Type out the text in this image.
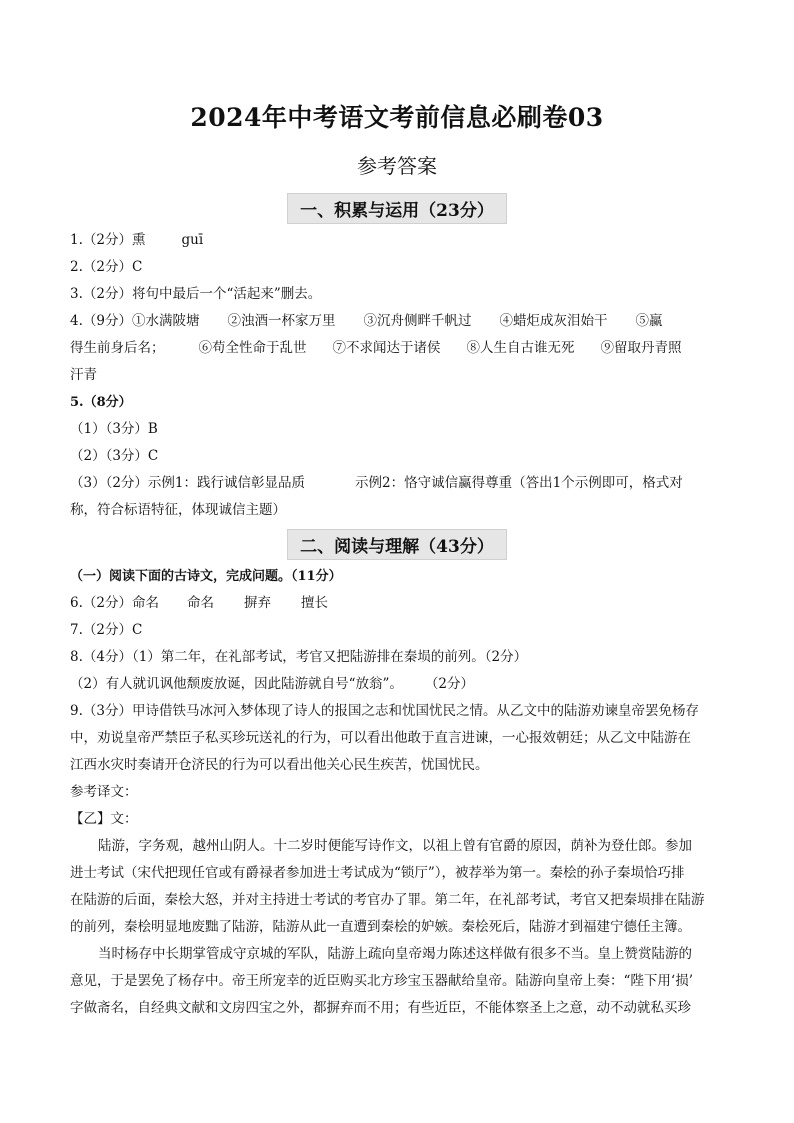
2024年中考语文考前信息必刷卷03
参考答案
一、积累与运用（23分）
1.（2分）熏	guī
2.（2分）C
3.（2分）将句中最后一个“活起来”删去。
4.（9分）①水满陂塘 ②浊酒一杯家万里 ③沉舟侧畔千帆过 ④蜡炬成灰泪始干 ⑤赢
得生前身后名；	⑥苟全性命于乱世 ⑦不求闻达于诸侯 ⑧人生自古谁无死 ⑨留取丹青照
汗青
5.（8分）
（1）（3分）B
（2）（3分）C
（3）（2分）示例1：践行诚信彰显品质	示例2：恪守诚信赢得尊重（答出1个示例即可，格式对
称，符合标语特征，体现诚信主题）
二、阅读与理解（43分）
（一）阅读下面的古诗文，完成问题。（11分）
6.（2分）命名 命名 摒弃 擅长
7.（2分）C
8.（4分）（1）第二年，在礼部考试，考官又把陆游排在秦埙的前列。（2分）
（2）有人就讥讽他颓废放诞，因此陆游就自号“放翁”。 （2分）
9.（3分）甲诗借铁马冰河入梦体现了诗人的报国之志和忧国忧民之情。从乙文中的陆游劝谏皇帝罢免杨存
中，劝说皇帝严禁臣子私买珍玩送礼的行为，可以看出他敢于直言进谏，一心报效朝廷；从乙文中陆游在
江西水灾时奏请开仓济民的行为可以看出他关心民生疾苦，忧国忧民。
参考译文：
【乙】文：
陆游，字务观，越州山阴人。十二岁时便能写诗作文，以祖上曾有官爵的原因，荫补为登仕郎。参加
进士考试（宋代把现任官或有爵禄者参加进士考试成为“锁厅”），被荐举为第一。秦桧的孙子秦埙恰巧排
在陆游的后面，秦桧大怒，并对主持进士考试的考官办了罪。第二年，在礼部考试，考官又把秦埙排在陆游
的前列，秦桧明显地废黜了陆游，陆游从此一直遭到秦桧的妒嫉。秦桧死后，陆游才到福建宁德任主簿。
当时杨存中长期掌管成守京城的军队，陆游上疏向皇帝竭力陈述这样做有很多不当。皇上赞赏陆游的
意见，于是罢免了杨存中。帝王所宠幸的近臣购买北方珍宝玉器献给皇帝。陆游向皇帝上奏：“陛下用‘损’
字做斋名，自经典文献和文房四宝之外，都摒弃而不用；有些近臣，不能体察圣上之意，动不动就私买珍
